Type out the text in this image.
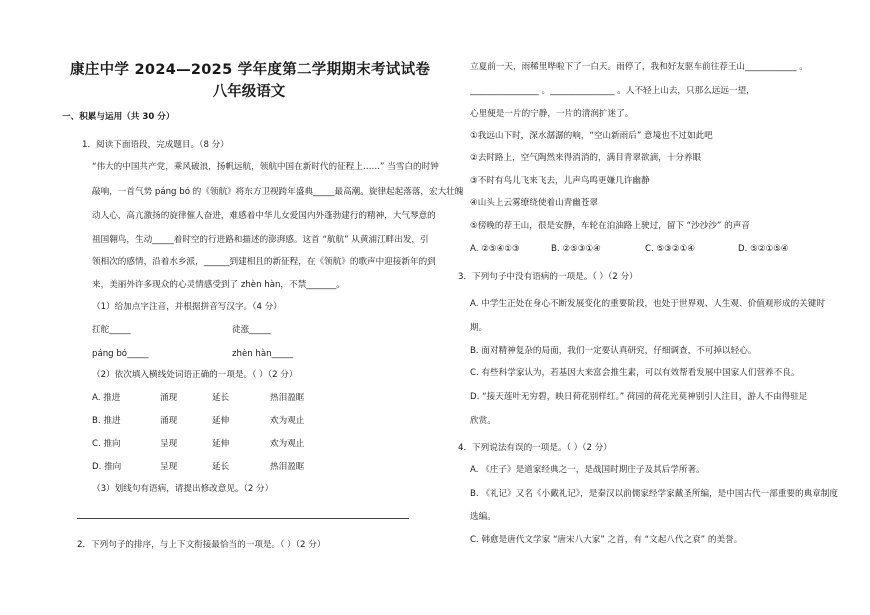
康庄中学 2024—2025 学年度第二学期期末考试试卷
八年级语文
一、积累与运用（共 30 分）
1．阅读下面语段，完成题目。（8 分）
“伟大的中国共产党，乘风破浪，扬帆远航，领航中国在新时代的征程上……” 当雪白的时钟
敲响，一首气势 páng bó 的《领航》将东方卫视跨年盛典_____最高潮。旋律起起落落，宏大壮魄
动人心，高亢激扬的旋律催人奋进，难感着中华儿女爱国内外蓬勃建行的精神，大气琴意的
祖国翱鸟，生动_____着时空的行进路和描述的澎湃感。这首 “航航” 从黄浦江畔出发，引
领相次的感情，沿着水乡派，______到建相且的新征程，在《领航》的歌声中迎接新年的到
来，美丽外许多现众的心灵情感受到了 zhèn hàn，不禁_______。
（1）给加点字注音，并根据拼音写汉字。（4 分）
扛舵_____	徒涨_____
páng bó_____	zhèn hàn_____
（2）依次填入横线处词语正确的一项是。（ ）（2 分）
A. 推进	涌现	延长	热泪盈眶
B. 推进	涌现	延伸	欢为观止
C. 推向	呈现	延伸	欢为观止
D. 推向	呈现	延长	热泪盈眶
（3）划线句有语病，请提出修改意见。（2 分）
2．下列句子的排序，与上下文衔接最恰当的一项是。（ ）（2 分）
立夏前一天，雨稀里哗啦下了一白天。雨停了，我和好友驱车前往荐王山____________ 。
________________ 。_______________ 。人不轻上山去，只那么远远一望，
心里便是一片的宁静，一片的清润扩迷了。
①我远山下时，深水潺潺的响，“空山新雨后” 意境也不过如此吧
②去时路上，空气陶然来得消消的，满目青翠欲滴，十分养眼
③不时有鸟儿飞来飞去，儿声鸟鸣更嫌几许幽静
④山头上云雾缭绕使着山青幽苍翠
⑤傍晚的荐王山，很是安静，车轮在泊油路上驶过，留下 “沙沙沙” 的声音
A. ②⑤④①③	B. ②⑤③①④	C. ⑤③②①④	D. ⑤②①⑤④
3．下列句子中没有语病的一项是。（ ）（2 分）
A. 中学生正处在身心不断发展变化的重要阶段，也处于世界观、人生观、价值观形成的关键时
期。
B. 面对精神复杂的局面，我们一定要认真研究，仔细调查，不可掉以轻心。
C. 有些科学家认为，若基因大来富会推生素，可以有效帮看发展中国家人们营养不良。
D. “接天莲叶无穷碧，映日荷花别样红。” 荷园的荷花光莫神别引人注目，游人不由得驻足
欣赏。
4．下列说法有误的一项是。（ ）（2 分）
A. 《庄子》是道家经典之一，是战国时期庄子及其后学所著。
B. 《礼记》又名《小戴礼记》，是秦汉以前儒家经学家戴圣所编，是中国古代一部重要的典章制度
选编。
C. 韩愈是唐代文学家 “唐宋八大家” 之首，有 “文起八代之衰” 的美誉。
